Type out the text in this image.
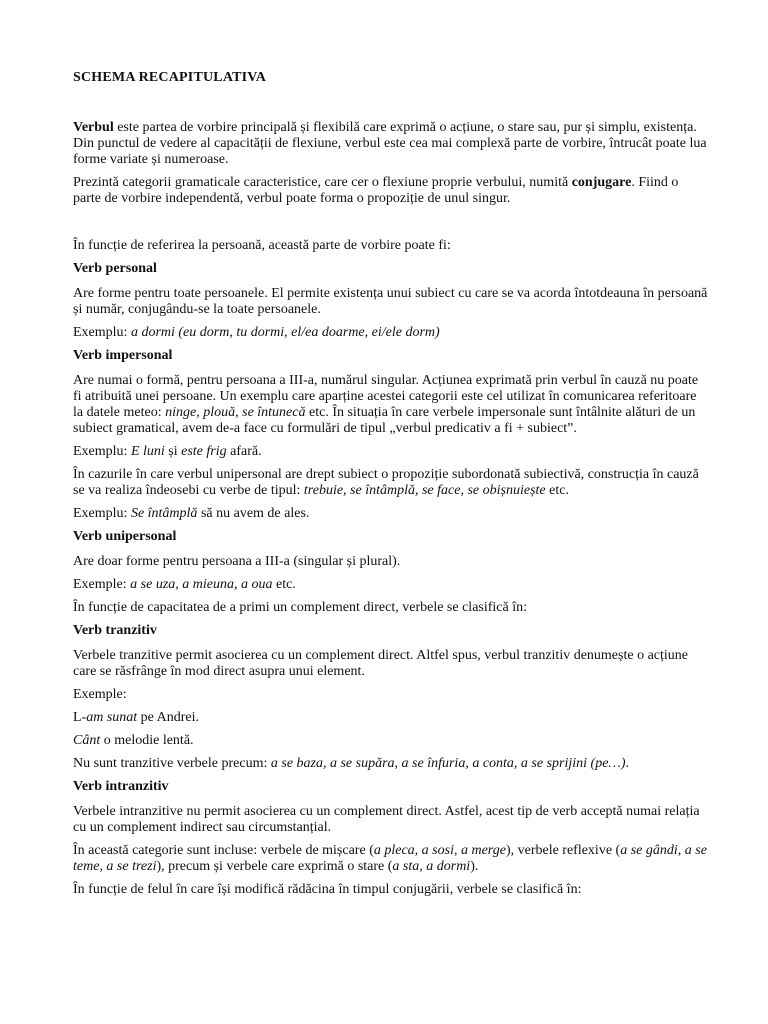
SCHEMA RECAPITULATIVA

Verbul este partea de vorbire principală și flexibilă care exprimă o acțiune, o stare sau, pur și simplu, existența. Din punctul de vedere al capacității de flexiune, verbul este cea mai complexă parte de vorbire, întrucât poate lua forme variate și numeroase.

Prezintă categorii gramaticale caracteristice, care cer o flexiune proprie verbului, numită conjugare. Fiind o parte de vorbire independentă, verbul poate forma o propoziție de unul singur.

În funcție de referirea la persoană, această parte de vorbire poate fi:

Verb personal

Are forme pentru toate persoanele. El permite existența unui subiect cu care se va acorda întotdeauna în persoană și număr, conjugându-se la toate persoanele.

Exemplu: a dormi (eu dorm, tu dormi, el/ea doarme, ei/ele dorm)

Verb impersonal

Are numai o formă, pentru persoana a III-a, numărul singular. Acțiunea exprimată prin verbul în cauză nu poate fi atribuită unei persoane. Un exemplu care aparține acestei categorii este cel utilizat în comunicarea referitoare la datele meteo: ninge, plouă, se întunecă etc. În situația în care verbele impersonale sunt întâlnite alături de un subiect gramatical, avem de-a face cu formulări de tipul „verbul predicativ a fi + subiect”.

Exemplu: E luni și este frig afară.

În cazurile în care verbul unipersonal are drept subiect o propoziție subordonată subiectivă, construcția în cauză se va realiza îndeosebi cu verbe de tipul: trebuie, se întâmplă, se face, se obișnuiește etc.

Exemplu: Se întâmplă să nu avem de ales.

Verb unipersonal

Are doar forme pentru persoana a III-a (singular și plural).

Exemple: a se uza, a mieuna, a oua etc.

În funcție de capacitatea de a primi un complement direct, verbele se clasifică în:

Verb tranzitiv

Verbele tranzitive permit asocierea cu un complement direct. Altfel spus, verbul tranzitiv denumește o acțiune care se răsfrânge în mod direct asupra unui element.

Exemple:

L-am sunat pe Andrei.

Cânt o melodie lentă.

Nu sunt tranzitive verbele precum: a se baza, a se supăra, a se înfuria, a conta, a se sprijini (pe…).

Verb intranzitiv

Verbele intranzitive nu permit asocierea cu un complement direct. Astfel, acest tip de verb acceptă numai relația cu un complement indirect sau circumstanțial.

În această categorie sunt incluse: verbele de mișcare (a pleca, a sosi, a merge), verbele reflexive (a se gândi, a se teme, a se trezi), precum și verbele care exprimă o stare (a sta, a dormi).

În funcție de felul în care își modifică rădăcina în timpul conjugării, verbele se clasifică în:
